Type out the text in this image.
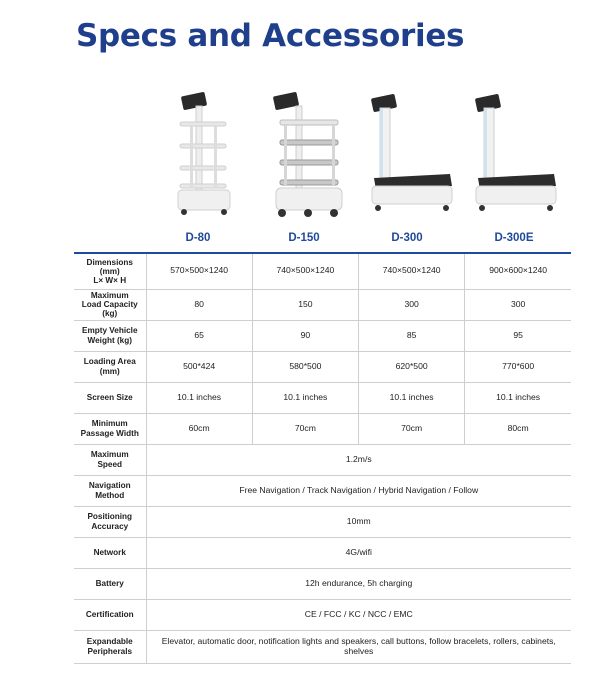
Specs and Accessories
D-80	D-150	D-300	D-300E
Dimensions
(mm)
L× W× H	570×500×1240	740×500×1240	740×500×1240	900×600×1240
Maximum
Load Capacity
(kg)	80	150	300	300
Empty Vehicle
Weight (kg)	65	90	85	95
Loading Area
(mm)	500*424	580*500	620*500	770*600
Screen Size	10.1 inches	10.1 inches	10.1 inches	10.1 inches
Minimum
Passage Width	60cm	70cm	70cm	80cm
Maximum
Speed	1.2m/s			
Navigation
Method	Free Navigation / Track Navigation / Hybrid Navigation / Follow			
Positioning
Accuracy	10mm			
Network	4G/wifi			
Battery	12h endurance, 5h charging			
Certification	CE / FCC / KC / NCC / EMC			
Expandable
Peripherals	Elevator, automatic door, notification lights and speakers, call buttons, follow bracelets, rollers, cabinets, shelves			
